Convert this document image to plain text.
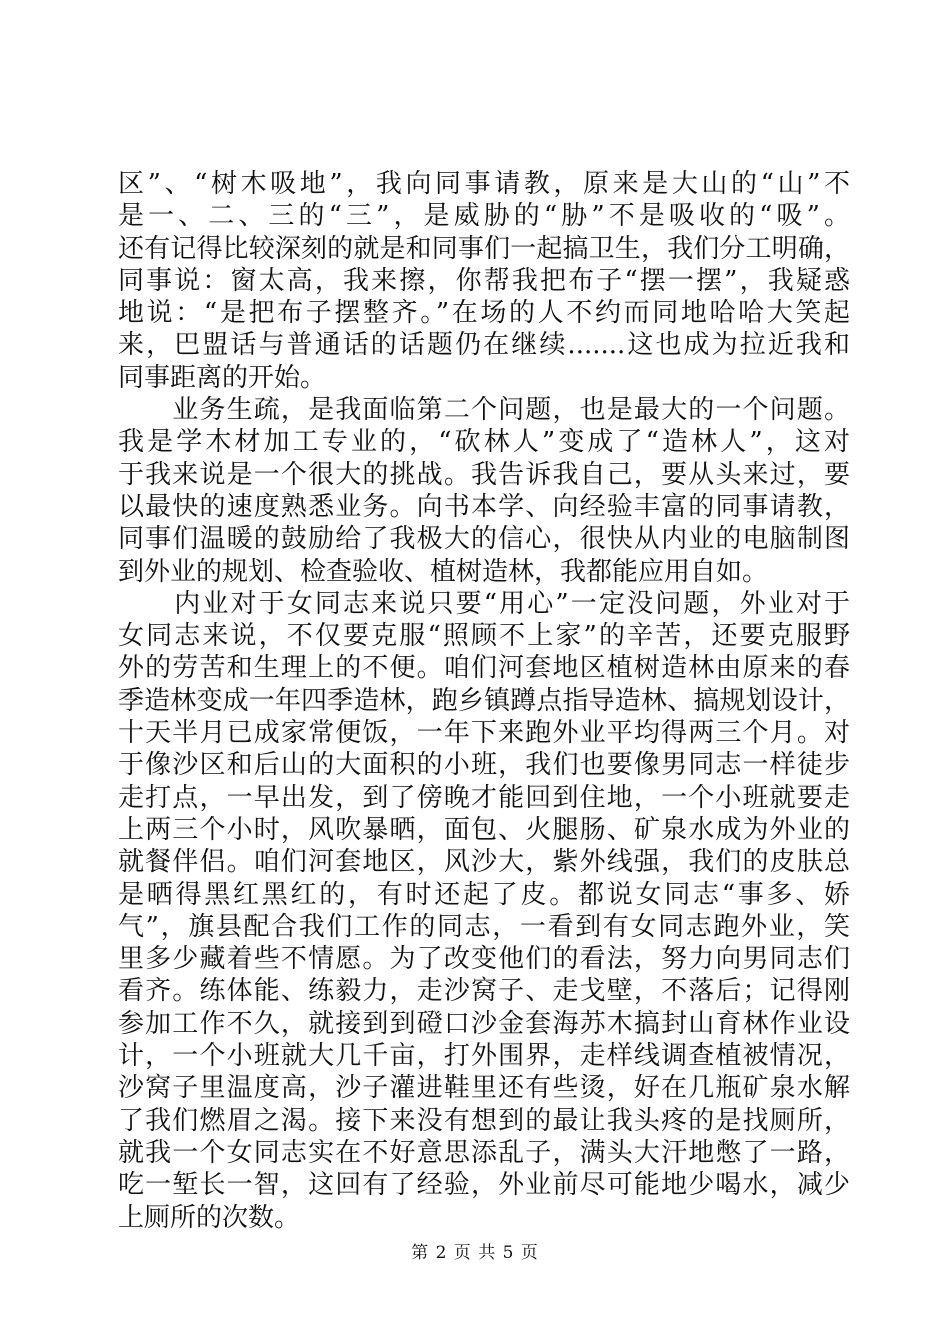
区”、“树木吸地”，我向同事请教，原来是大山的“山”不
是一、二、三的“三”，是威胁的“胁”不是吸收的“吸”。
还有记得比较深刻的就是和同事们一起搞卫生，我们分工明确，
同事说：窗太高，我来擦，你帮我把布子“摆一摆”，我疑惑
地说：“是把布子摆整齐。”在场的人不约而同地哈哈大笑起
来，巴盟话与普通话的话题仍在继续.......这也成为拉近我和
同事距离的开始。
　　业务生疏，是我面临第二个问题，也是最大的一个问题。
我是学木材加工专业的，“砍林人”变成了“造林人”，这对
于我来说是一个很大的挑战。我告诉我自己，要从头来过，要
以最快的速度熟悉业务。向书本学、向经验丰富的同事请教，
同事们温暖的鼓励给了我极大的信心，很快从内业的电脑制图
到外业的规划、检查验收、植树造林，我都能应用自如。
　　内业对于女同志来说只要“用心”一定没问题，外业对于
女同志来说，不仅要克服“照顾不上家”的辛苦，还要克服野
外的劳苦和生理上的不便。咱们河套地区植树造林由原来的春
季造林变成一年四季造林，跑乡镇蹲点指导造林、搞规划设计，
十天半月已成家常便饭，一年下来跑外业平均得两三个月。对
于像沙区和后山的大面积的小班，我们也要像男同志一样徒步
走打点，一早出发，到了傍晚才能回到住地，一个小班就要走
上两三个小时，风吹暴晒，面包、火腿肠、矿泉水成为外业的
就餐伴侣。咱们河套地区，风沙大，紫外线强，我们的皮肤总
是晒得黑红黑红的，有时还起了皮。都说女同志“事多、娇
气”，旗县配合我们工作的同志，一看到有女同志跑外业，笑
里多少藏着些不情愿。为了改变他们的看法，努力向男同志们
看齐。练体能、练毅力，走沙窝子、走戈壁，不落后；记得刚
参加工作不久，就接到到磴口沙金套海苏木搞封山育林作业设
计，一个小班就大几千亩，打外围界，走样线调查植被情况，
沙窝子里温度高，沙子灌进鞋里还有些烫，好在几瓶矿泉水解
了我们燃眉之渴。接下来没有想到的最让我头疼的是找厕所，
就我一个女同志实在不好意思添乱子，满头大汗地憋了一路，
吃一堑长一智，这回有了经验，外业前尽可能地少喝水，减少
上厕所的次数。
第 2 页 共 5 页
